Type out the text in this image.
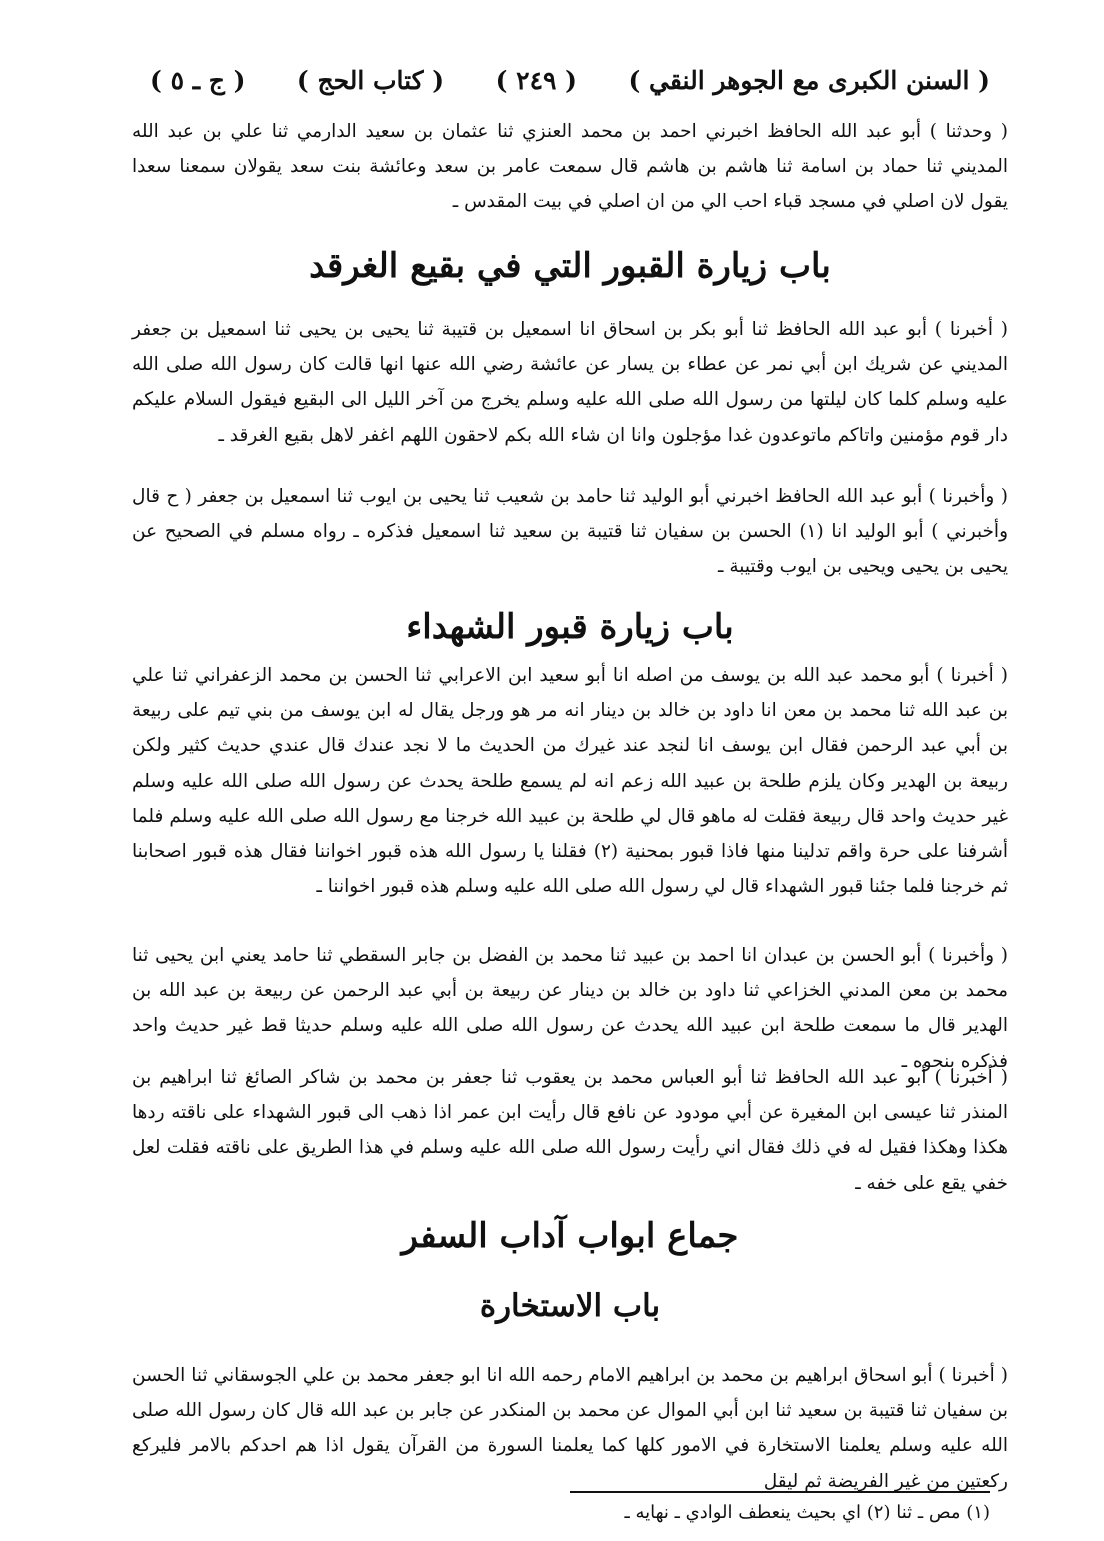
( السنن الكبرى مع الجوهر النقي )
( ٢٤٩ )
( كتاب الحج )
( ج ـ ٥ )

( وحدثنا ) أبو عبد الله الحافظ اخبرني احمد بن محمد العنزي ثنا عثمان بن سعيد الدارمي ثنا علي بن عبد الله المديني ثنا حماد بن اسامة ثنا هاشم بن هاشم قال سمعت عامر بن سعد وعائشة بنت سعد يقولان سمعنا سعدا يقول لان اصلي في مسجد قباء احب الي من ان اصلي في بيت المقدس ـ

باب زيارة القبور التي في بقيع الغرقد

( أخبرنا ) أبو عبد الله الحافظ ثنا أبو بكر بن اسحاق انا اسمعيل بن قتيبة ثنا يحيى بن يحيى ثنا اسمعيل بن جعفر المديني عن شريك ابن أبي نمر عن عطاء بن يسار عن عائشة رضي الله عنها انها قالت كان رسول الله صلى الله عليه وسلم كلما كان ليلتها من رسول الله صلى الله عليه وسلم يخرج من آخر الليل الى البقيع فيقول السلام عليكم دار قوم مؤمنين واتاكم ماتوعدون غدا مؤجلون وانا ان شاء الله بكم لاحقون اللهم اغفر لاهل بقيع الغرقد ـ

( وأخبرنا ) أبو عبد الله الحافظ اخبرني أبو الوليد ثنا حامد بن شعيب ثنا يحيى بن ايوب ثنا اسمعيل بن جعفر ( ح قال وأخبرني ) أبو الوليد انا (١) الحسن بن سفيان ثنا قتيبة بن سعيد ثنا اسمعيل فذكره ـ رواه مسلم في الصحيح عن يحيى بن يحيى ويحيى بن ايوب وقتيبة ـ

باب زيارة قبور الشهداء

( أخبرنا ) أبو محمد عبد الله بن يوسف من اصله انا أبو سعيد ابن الاعرابي ثنا الحسن بن محمد الزعفراني ثنا علي بن عبد الله ثنا محمد بن معن انا داود بن خالد بن دينار انه مر هو ورجل يقال له ابن يوسف من بني تيم على ربيعة بن أبي عبد الرحمن فقال ابن يوسف انا لنجد عند غيرك من الحديث ما لا نجد عندك قال عندي حديث كثير ولكن ربيعة بن الهدير وكان يلزم طلحة بن عبيد الله زعم انه لم يسمع طلحة يحدث عن رسول الله صلى الله عليه وسلم غير حديث واحد قال ربيعة فقلت له ماهو قال لي طلحة بن عبيد الله خرجنا مع رسول الله صلى الله عليه وسلم فلما أشرفنا على حرة واقم تدلينا منها فاذا قبور بمحنية (٢) فقلنا يا رسول الله هذه قبور اخواننا فقال هذه قبور اصحابنا ثم خرجنا فلما جئنا قبور الشهداء قال لي رسول الله صلى الله عليه وسلم هذه قبور اخواننا ـ

( وأخبرنا ) أبو الحسن بن عبدان انا احمد بن عبيد ثنا محمد بن الفضل بن جابر السقطي ثنا حامد يعني ابن يحيى ثنا محمد بن معن المدني الخزاعي ثنا داود بن خالد بن دينار عن ربيعة بن أبي عبد الرحمن عن ربيعة بن عبد الله بن الهدير قال ما سمعت طلحة ابن عبيد الله يحدث عن رسول الله صلى الله عليه وسلم حديثا قط غير حديث واحد فذكره بنحوه ـ

( أخبرنا ) أبو عبد الله الحافظ ثنا أبو العباس محمد بن يعقوب ثنا جعفر بن محمد بن شاكر الصائغ ثنا ابراهيم بن المنذر ثنا عيسى ابن المغيرة عن أبي مودود عن نافع قال رأيت ابن عمر اذا ذهب الى قبور الشهداء على ناقته ردها هكذا وهكذا فقيل له في ذلك فقال اني رأيت رسول الله صلى الله عليه وسلم في هذا الطريق على ناقته فقلت لعل خفي يقع على خفه ـ

جماع ابواب آداب السفر
باب الاستخارة

( أخبرنا ) أبو اسحاق ابراهيم بن محمد بن ابراهيم الامام رحمه الله انا ابو جعفر محمد بن علي الجوسقاني ثنا الحسن بن سفيان ثنا قتيبة بن سعيد ثنا ابن أبي الموال عن محمد بن المنكدر عن جابر بن عبد الله قال كان رسول الله صلى الله عليه وسلم يعلمنا الاستخارة في الامور كلها كما يعلمنا السورة من القرآن يقول اذا هم احدكم بالامر فليركع ركعتين من غير الفريضة ثم ليقل

(١) مص ـ ثنا (٢) اي بحيث ينعطف الوادي ـ نهايه ـ
